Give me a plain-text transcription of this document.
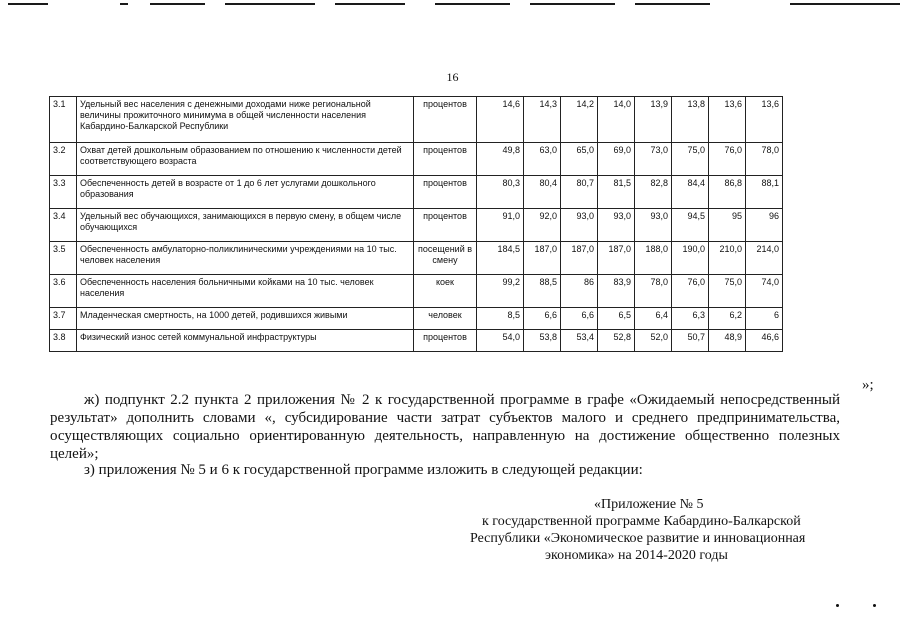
16
3.1	Удельный вес населения с денежными доходами ниже региональной величины прожиточного минимума в общей численности населения Кабардино-Балкарской Республики	процентов	14,6	14,3	14,2	14,0	13,9	13,8	13,6	13,6
3.2	Охват детей дошкольным образованием по отношению к численности детей соответствующего возраста	процентов	49,8	63,0	65,0	69,0	73,0	75,0	76,0	78,0
3.3	Обеспеченность детей в возрасте от 1 до 6 лет услугами дошкольного образования	процентов	80,3	80,4	80,7	81,5	82,8	84,4	86,8	88,1
3.4	Удельный вес обучающихся, занимающихся в первую смену, в общем числе обучающихся	процентов	91,0	92,0	93,0	93,0	93,0	94,5	95	96
3.5	Обеспеченность амбулаторно-поликлиническими учреждениями на 10 тыс. человек населения	посещений в смену	184,5	187,0	187,0	187,0	188,0	190,0	210,0	214,0
3.6	Обеспеченность населения больничными койками на 10 тыс. человек населения	коек	99,2	88,5	86	83,9	78,0	76,0	75,0	74,0
3.7	Младенческая смертность, на 1000 детей, родившихся живыми	человек	8,5	6,6	6,6	6,5	6,4	6,3	6,2	6
3.8	Физический износ сетей коммунальной инфраструктуры	процентов	54,0	53,8	53,4	52,8	52,0	50,7	48,9	46,6
»;
ж) подпункт 2.2 пункта 2 приложения № 2 к государственной программе в графе «Ожидаемый непосредственный результат» дополнить словами «, субсидирование части затрат субъектов малого и среднего предпринимательства, осуществляющих социально ориентированную деятельность, направленную на достижение общественно полезных целей»;
з) приложения № 5 и 6 к государственной программе изложить в следующей редакции:
«Приложение № 5
к государственной программе Кабардино-Балкарской
Республики «Экономическое развитие и инновационная
экономика» на 2014-2020 годы
